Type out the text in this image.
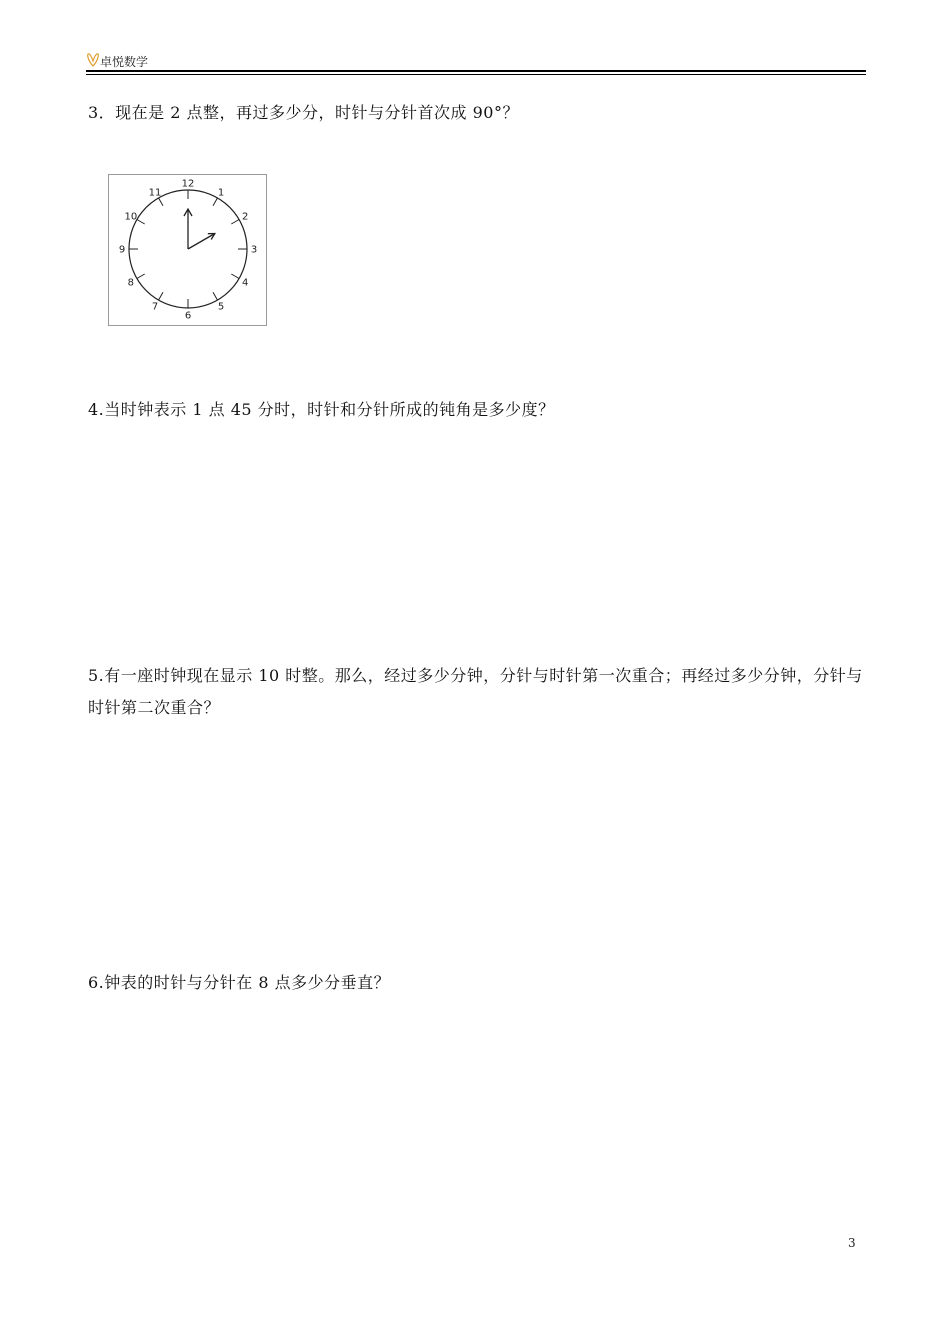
卓悦数学

3．现在是 2 点整，再过多少分，时针与分针首次成 90°？

12
1
2
3
4
5
6
7
8
9
10
11

4.当时钟表示 1 点 45 分时，时针和分针所成的钝角是多少度？

5.有一座时钟现在显示 10 时整。那么，经过多少分钟，分针与时针第一次重合；再经过多少分钟，分针与时针第二次重合？

6.钟表的时针与分针在 8 点多少分垂直？

3
